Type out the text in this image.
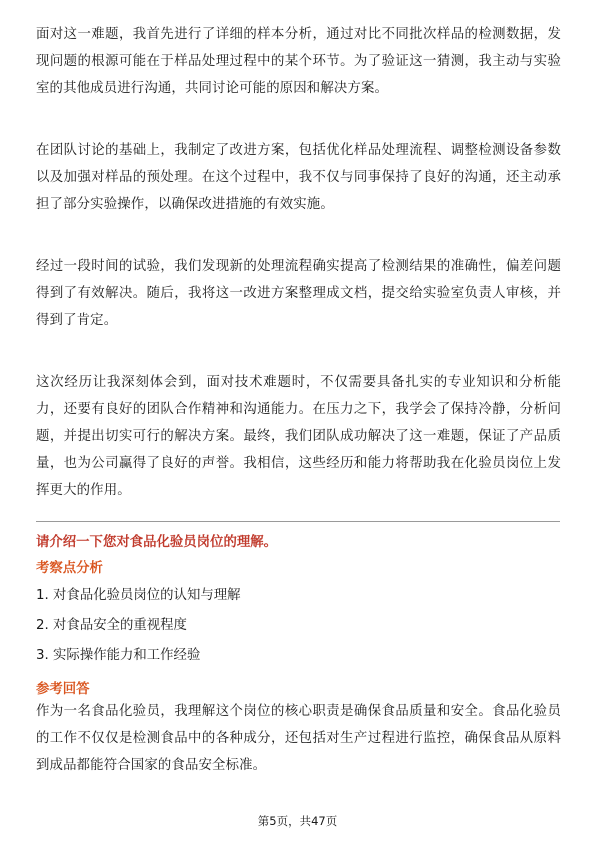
面对这一难题，我首先进行了详细的样本分析，通过对比不同批次样品的检测数据，发现问题的根源可能在于样品处理过程中的某个环节。为了验证这一猜测，我主动与实验室的其他成员进行沟通，共同讨论可能的原因和解决方案。

在团队讨论的基础上，我制定了改进方案，包括优化样品处理流程、调整检测设备参数以及加强对样品的预处理。在这个过程中，我不仅与同事保持了良好的沟通，还主动承担了部分实验操作，以确保改进措施的有效实施。

经过一段时间的试验，我们发现新的处理流程确实提高了检测结果的准确性，偏差问题得到了有效解决。随后，我将这一改进方案整理成文档，提交给实验室负责人审核，并得到了肯定。

这次经历让我深刻体会到，面对技术难题时，不仅需要具备扎实的专业知识和分析能力，还要有良好的团队合作精神和沟通能力。在压力之下，我学会了保持冷静，分析问题，并提出切实可行的解决方案。最终，我们团队成功解决了这一难题，保证了产品质量，也为公司赢得了良好的声誉。我相信，这些经历和能力将帮助我在化验员岗位上发挥更大的作用。

请介绍一下您对食品化验员岗位的理解。

考察点分析

1. 对食品化验员岗位的认知与理解

2. 对食品安全的重视程度

3. 实际操作能力和工作经验

参考回答

作为一名食品化验员，我理解这个岗位的核心职责是确保食品质量和安全。食品化验员的工作不仅仅是检测食品中的各种成分，还包括对生产过程进行监控，确保食品从原料到成品都能符合国家的食品安全标准。

第5页，共47页
